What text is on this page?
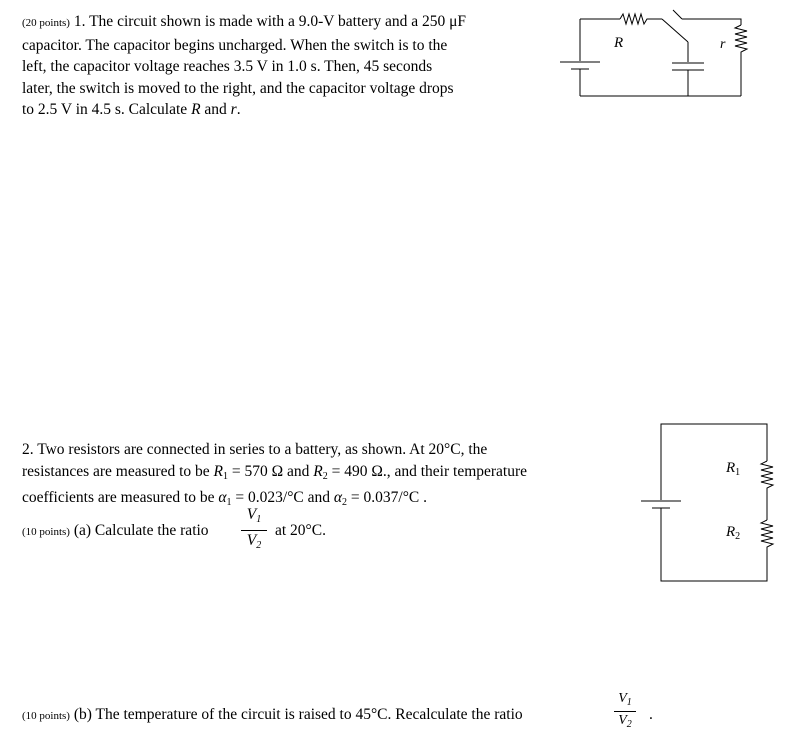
(20 points) 1. The circuit shown is made with a 9.0-V battery and a 250 μF
capacitor. The capacitor begins uncharged. When the switch is to the
left, the capacitor voltage reaches 3.5 V in 1.0 s. Then, 45 seconds
later, the switch is moved to the right, and the capacitor voltage drops
to 2.5 V in 4.5 s. Calculate R and r.
R	r
2. Two resistors are connected in series to a battery, as shown. At 20°C, the
resistances are measured to be $R_1 = 570$ Ω and $R_2 = 490$ Ω., and their temperature
coefficients are measured to be $\alpha_1 = 0.023/^\circ C$ and $\alpha_2 = 0.037/^\circ C$ .
(10 points) (a) Calculate the ratio
$V_1$
$V_2$
at 20°C.
$R_1$
$R_2$
(10 points) (b) The temperature of the circuit is raised to 45°C. Recalculate the ratio
$V_1$
$V_2$
.
